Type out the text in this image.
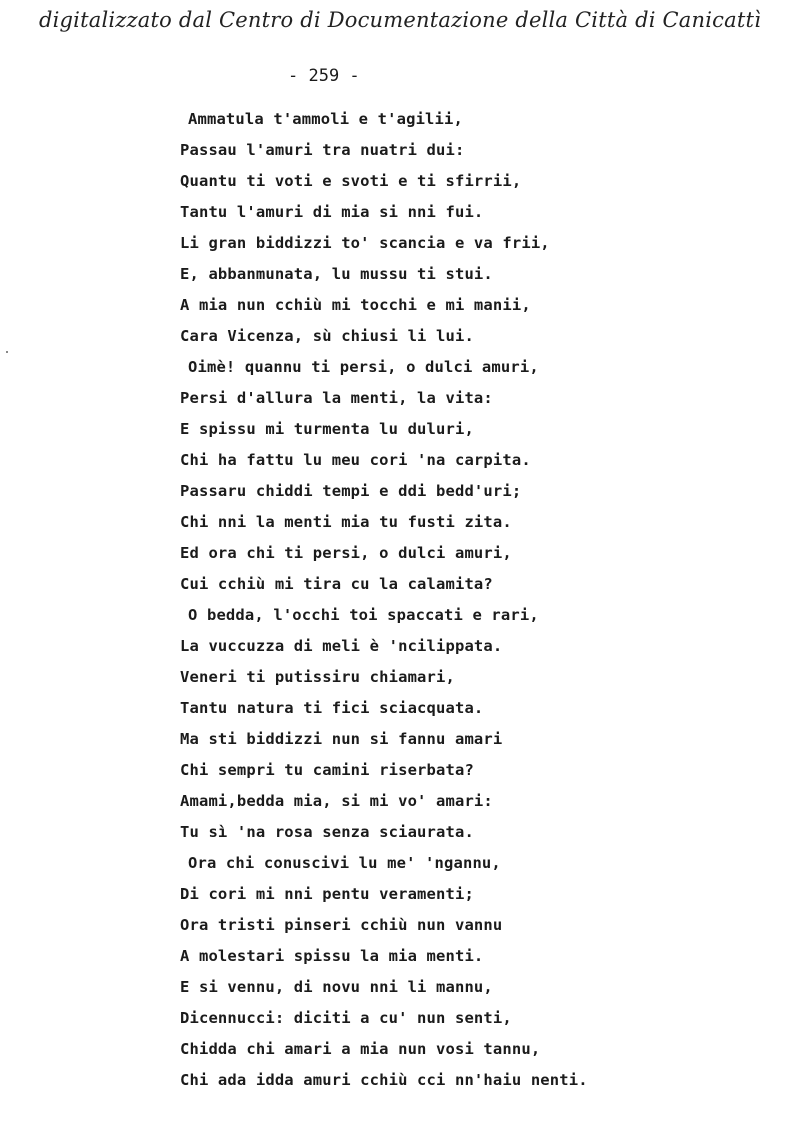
digitalizzato dal Centro di Documentazione della Città di Canicattì
- 259 -
Ammatula t'ammoli e t'agilii,
Passau l'amuri tra nuatri dui:
Quantu ti voti e svoti e ti sfirrii,
Tantu l'amuri di mia si nni fui.
Li gran biddizzi to' scancia e va frii,
E, abbanmunata, lu mussu ti stui.
A mia nun cchiù mi tocchi e mi manii,
Cara Vicenza, sù chiusi li lui.
Oimè! quannu ti persi, o dulci amuri,
Persi d'allura la menti, la vita:
E spissu mi turmenta lu duluri,
Chi ha fattu lu meu cori 'na carpita.
Passaru chiddi tempi e ddi bedd'uri;
Chi nni la menti mia tu fusti zita.
Ed ora chi ti persi, o dulci amuri,
Cui cchiù mi tira cu la calamita?
O bedda, l'occhi toi spaccati e rari,
La vuccuzza di meli è 'ncilippata.
Veneri ti putissiru chiamari,
Tantu natura ti fici sciacquata.
Ma sti biddizzi nun si fannu amari
Chi sempri tu camini riserbata?
Amami,bedda mia, si mi vo' amari:
Tu sì 'na rosa senza sciaurata.
Ora chi conuscivi lu me' 'ngannu,
Di cori mi nni pentu veramenti;
Ora tristi pinseri cchiù nun vannu
A molestari spissu la mia menti.
E si vennu, di novu nni li mannu,
Dicennucci: diciti a cu' nun senti,
Chidda chi amari a mia nun vosi tannu,
Chi ada idda amuri cchiù cci nn'haiu nenti.
